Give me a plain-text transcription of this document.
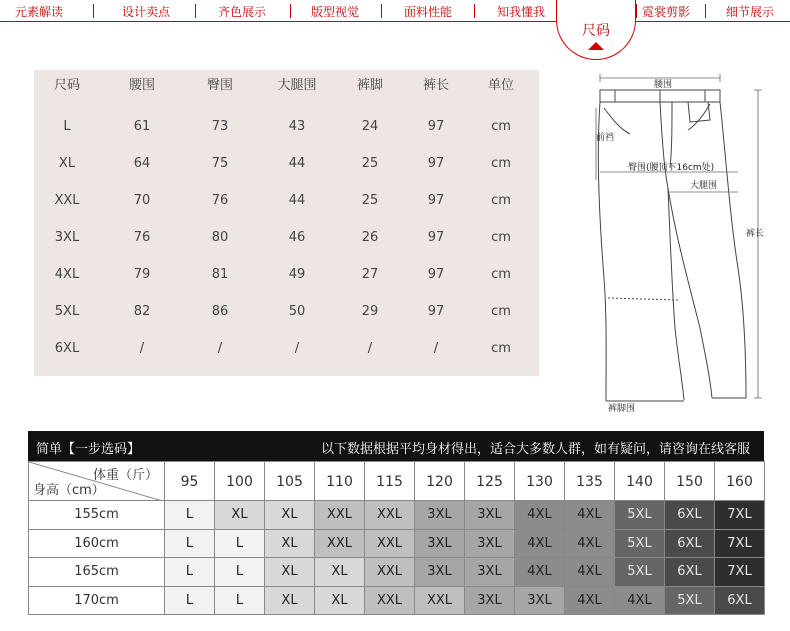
元素解读	设计卖点	齐色展示	版型视觉	面料性能	知我懂我	霓裳剪影	细节展示
尺码	腰围	臀围	大腿围	裤脚	裤长	单位
L	61	73	43	24	97	cm
XL	64	75	44	25	97	cm
XXL	70	76	44	25	97	cm
3XL	76	80	46	26	97	cm
4XL	79	81	49	27	97	cm
5XL	82	86	50	29	97	cm
6XL	/	/	/	/	/	cm
腰围
前裆
臀围(腰顶下16cm处)
大腿围
裤长
裤脚围
简单【一步选码】	以下数据根据平均身材得出，适合大多数人群，如有疑问，请咨询在线客服
体重（斤）
身高（cm）
95	100	105	110	115	120	125	130	135	140	150	160
155cm	L	XL	XL	XXL	XXL	3XL	3XL	4XL	4XL	5XL	6XL	7XL
160cm	L	L	XL	XXL	XXL	3XL	3XL	4XL	4XL	5XL	6XL	7XL
165cm	L	L	XL	XL	XXL	3XL	3XL	4XL	4XL	5XL	6XL	7XL
170cm	L	L	XL	XL	XXL	XXL	3XL	3XL	4XL	4XL	5XL	6XL
尺码
